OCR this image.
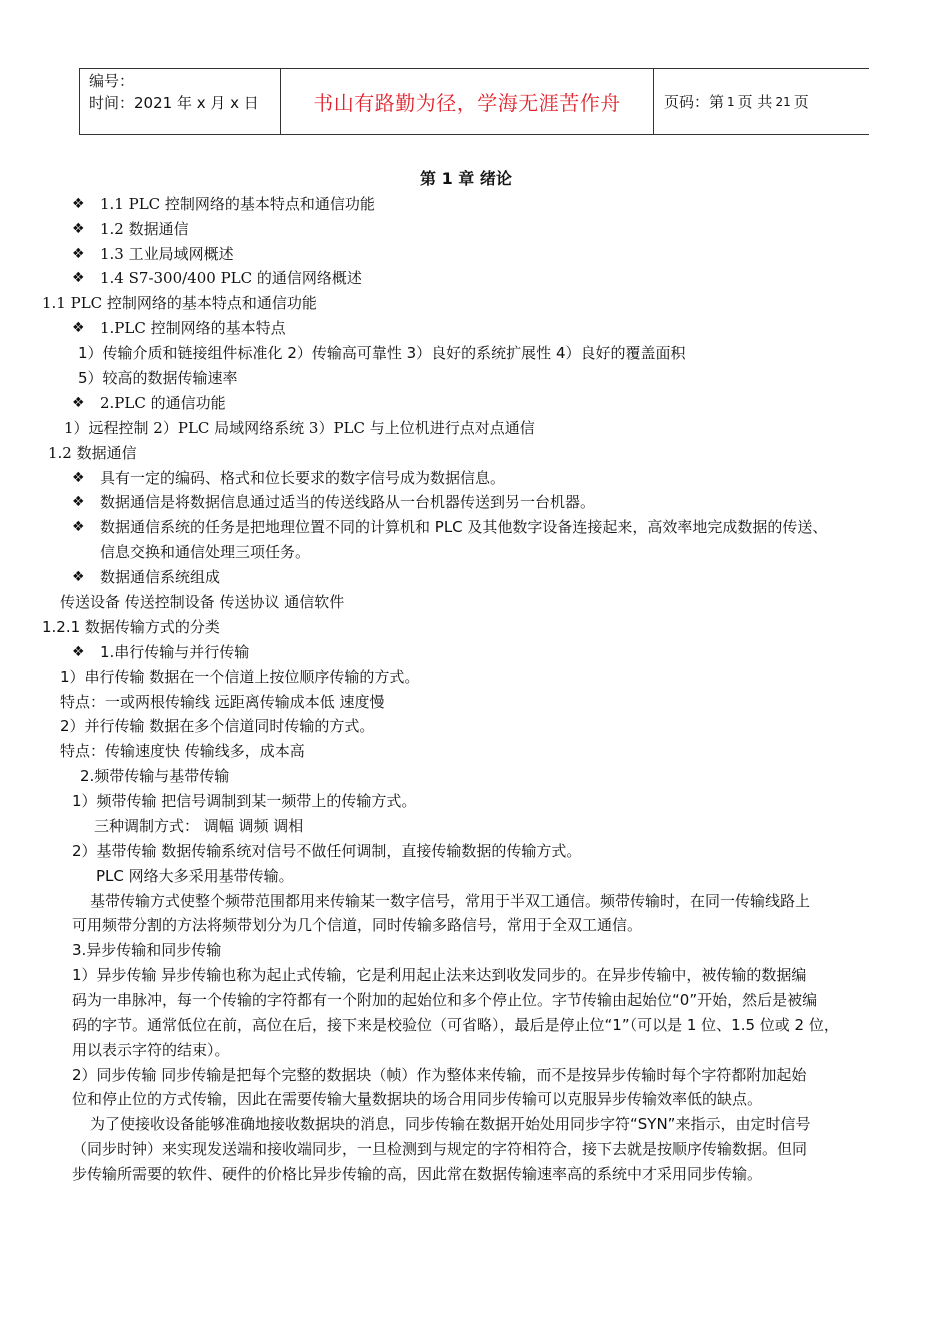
编号：
时间：2021 年 x 月 x 日	书山有路勤为径，学海无涯苦作舟	页码：第 1 页 共 21 页
第 1 章 绪论
❖ 1.1 PLC 控制网络的基本特点和通信功能
❖ 1.2 数据通信
❖ 1.3 工业局域网概述
❖ 1.4 S7-300/400 PLC 的通信网络概述
1.1 PLC 控制网络的基本特点和通信功能
❖ 1.PLC 控制网络的基本特点
1）传输介质和链接组件标准化 2）传输高可靠性 3）良好的系统扩展性 4）良好的覆盖面积
5）较高的数据传输速率
❖ 2.PLC 的通信功能
1）远程控制 2）PLC 局域网络系统 3）PLC 与上位机进行点对点通信
1.2 数据通信
❖ 具有一定的编码、格式和位长要求的数字信号成为数据信息。
❖ 数据通信是将数据信息通过适当的传送线路从一台机器传送到另一台机器。
❖ 数据通信系统的任务是把地理位置不同的计算机和 PLC 及其他数字设备连接起来，高效率地完成数据的传送、
信息交换和通信处理三项任务。
❖ 数据通信系统组成
传送设备 传送控制设备 传送协议 通信软件
1.2.1 数据传输方式的分类
❖ 1.串行传输与并行传输
1）串行传输 数据在一个信道上按位顺序传输的方式。
特点：一或两根传输线 远距离传输成本低 速度慢
2）并行传输 数据在多个信道同时传输的方式。
特点：传输速度快 传输线多，成本高
2.频带传输与基带传输
1）频带传输 把信号调制到某一频带上的传输方式。
三种调制方式： 调幅 调频 调相
2）基带传输 数据传输系统对信号不做任何调制，直接传输数据的传输方式。
PLC 网络大多采用基带传输。
基带传输方式使整个频带范围都用来传输某一数字信号，常用于半双工通信。频带传输时，在同一传输线路上
可用频带分割的方法将频带划分为几个信道，同时传输多路信号，常用于全双工通信。
3.异步传输和同步传输
1）异步传输 异步传输也称为起止式传输，它是利用起止法来达到收发同步的。在异步传输中，被传输的数据编
码为一串脉冲，每一个传输的字符都有一个附加的起始位和多个停止位。字节传输由起始位“0”开始，然后是被编
码的字节。通常低位在前，高位在后，接下来是校验位（可省略），最后是停止位“1”（可以是 1 位、1.5 位或 2 位，
用以表示字符的结束）。
2）同步传输 同步传输是把每个完整的数据块（帧）作为整体来传输，而不是按异步传输时每个字符都附加起始
位和停止位的方式传输，因此在需要传输大量数据块的场合用同步传输可以克服异步传输效率低的缺点。
为了使接收设备能够准确地接收数据块的消息，同步传输在数据开始处用同步字符“SYN”来指示，由定时信号
（同步时钟）来实现发送端和接收端同步，一旦检测到与规定的字符相符合，接下去就是按顺序传输数据。但同
步传输所需要的软件、硬件的价格比异步传输的高，因此常在数据传输速率高的系统中才采用同步传输。
